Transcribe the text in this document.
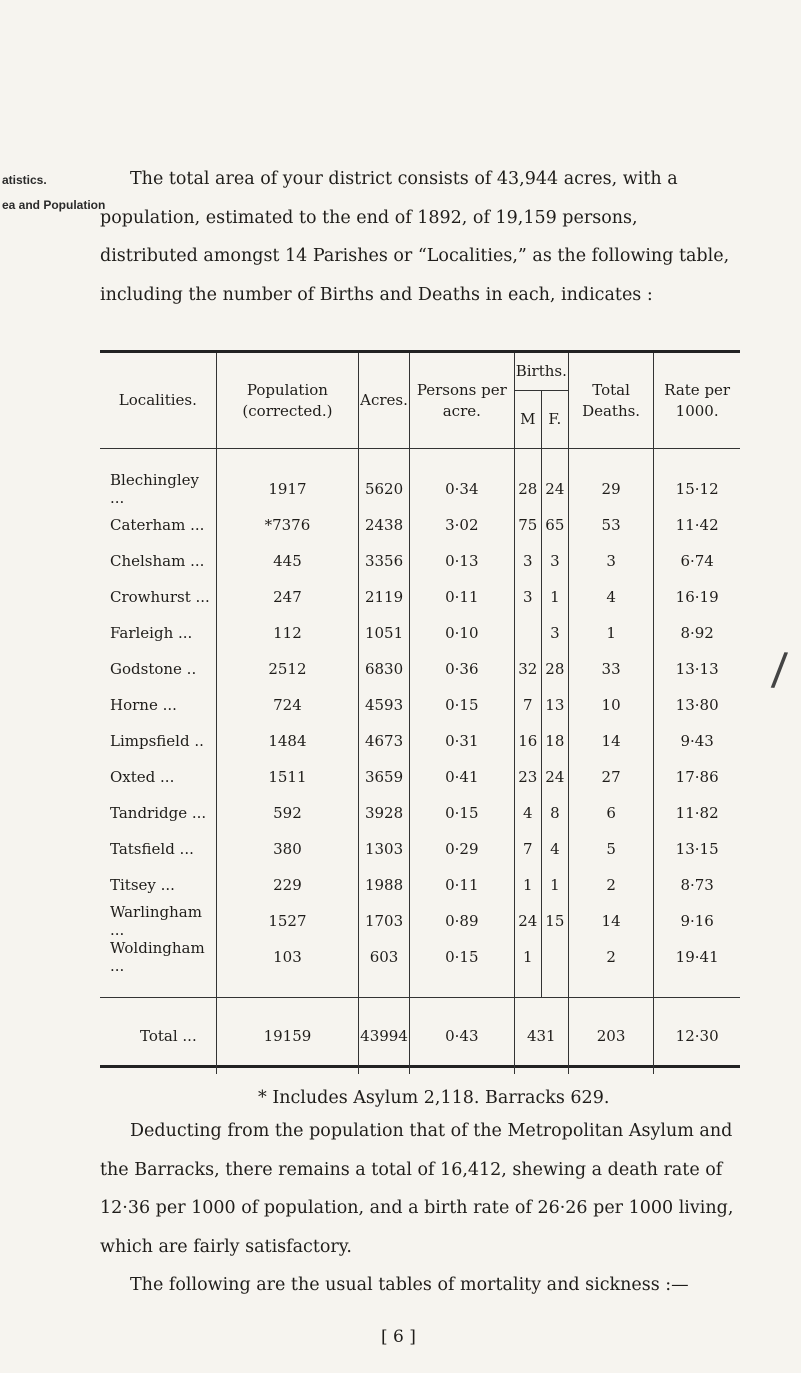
atistics.
ea and Population

The total area of your district consists of 43,944 acres, with a population, estimated to the end of 1892, of 19,159 persons, distributed amongst 14 Parishes or “Localities,” as the following table, including the number of Births and Deaths in each, indicates :

Localities.	Population (corrected.)	Acres.	Persons per acre.	Births.		Total Deaths.	Rate per 1000.
				M	F.		

Blechingley ...	1917	5620	0·34	28	24	29	15·12
Caterham ...	*7376	2438	3·02	75	65	53	11·42
Chelsham ...	445	3356	0·13	3	3	3	6·74
Crowhurst ...	247	2119	0·11	3	1	4	16·19
Farleigh ...	112	1051	0·10		3	1	8·92
Godstone ..	2512	6830	0·36	32	28	33	13·13
Horne ...	724	4593	0·15	7	13	10	13·80
Limpsfield ..	1484	4673	0·31	16	18	14	9·43
Oxted ...	1511	3659	0·41	23	24	27	17·86
Tandridge ...	592	3928	0·15	4	8	6	11·82
Tatsfield ...	380	1303	0·29	7	4	5	13·15
Titsey ...	229	1988	0·11	1	1	2	8·73
Warlingham ...	1527	1703	0·89	24	15	14	9·16
Woldingham ...	103	603	0·15	1		2	19·41

Total ...	19159	43994	0·43	431		203	12·30
* Includes Asylum 2,118. Barracks 629.

Deducting from the population that of the Metropolitan Asylum and the Barracks, there remains a total of 16,412, shewing a death rate of 12·36 per 1000 of population, and a birth rate of 26·26 per 1000 living, which are fairly satisfactory.

The following are the usual tables of mortality and sickness :—

/
[ 6 ]
